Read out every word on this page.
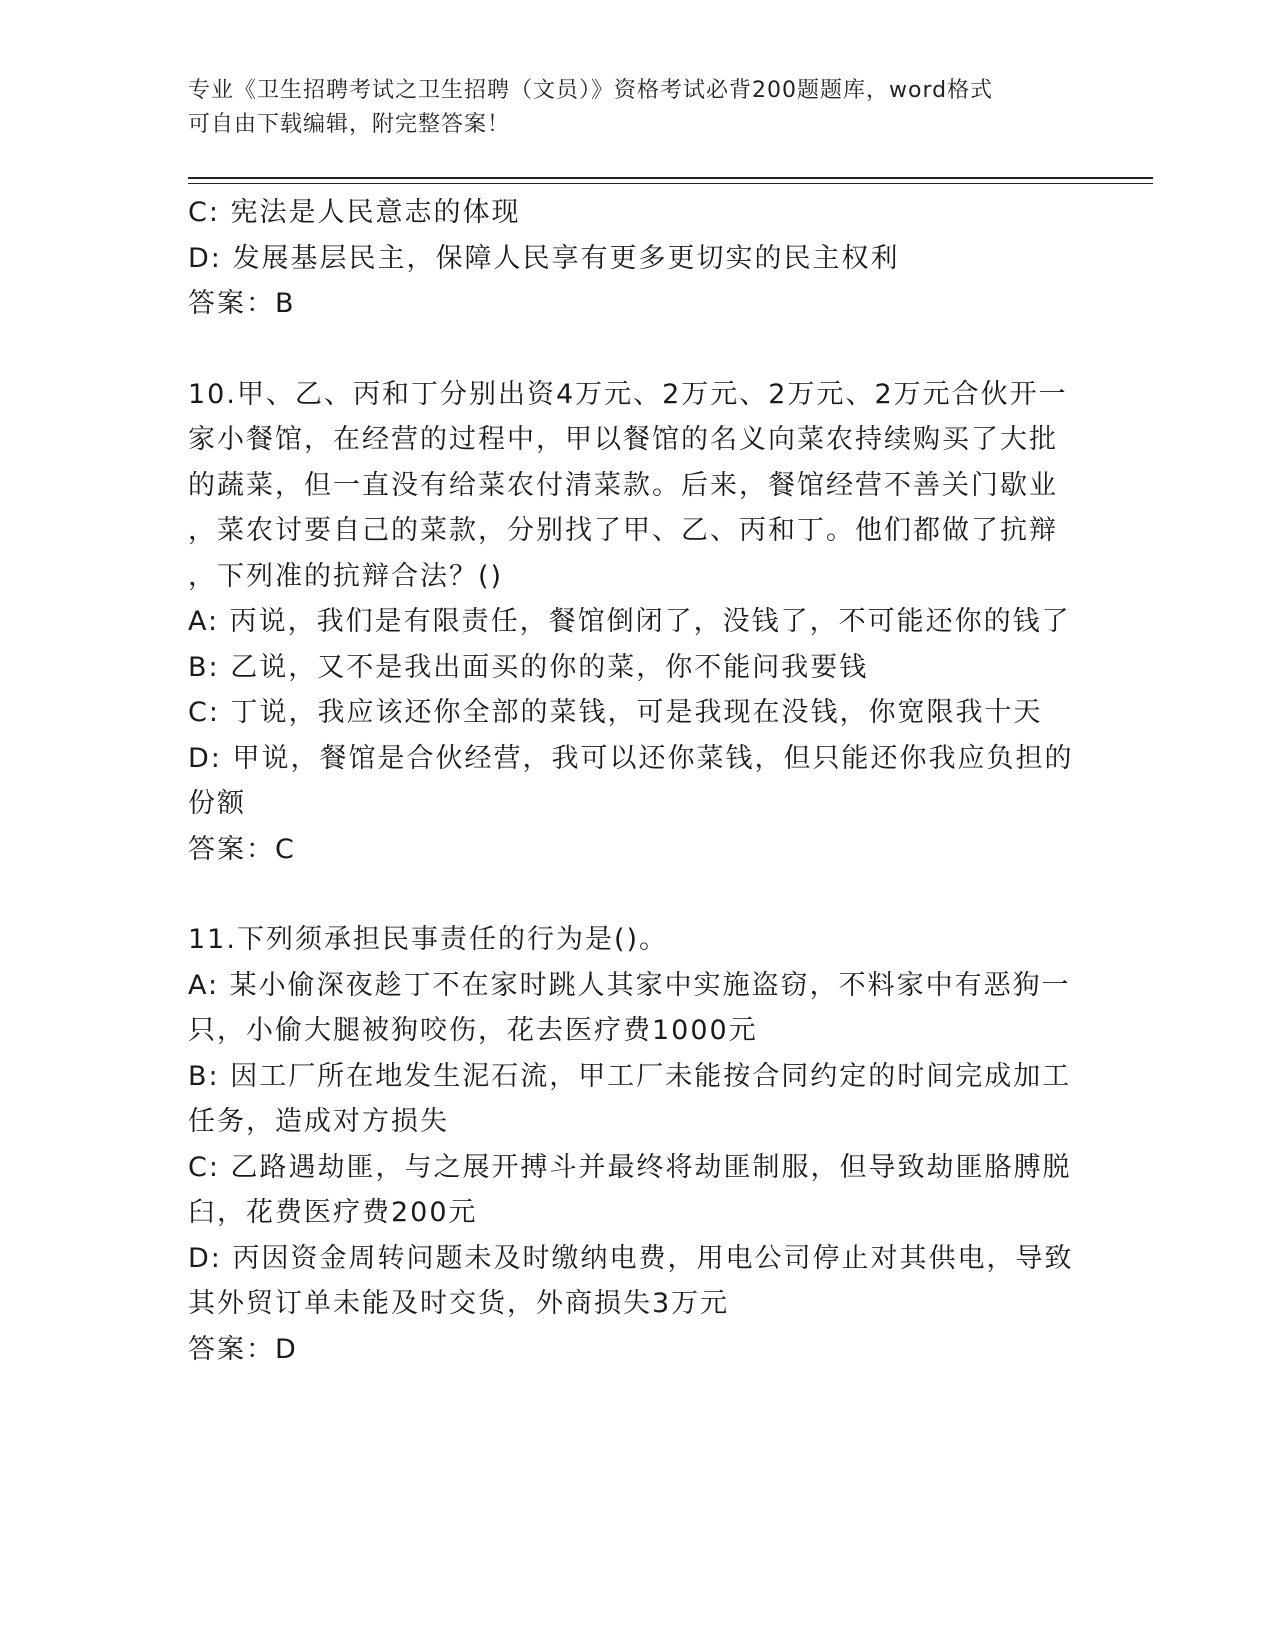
专业《卫生招聘考试之卫生招聘（文员）》资格考试必背200题题库，word格式
可自由下载编辑，附完整答案！
C: 宪法是人民意志的体现
D: 发展基层民主，保障人民享有更多更切实的民主权利
答案：B
10.甲、乙、丙和丁分别出资4万元、2万元、2万元、2万元合伙开一
家小餐馆，在经营的过程中，甲以餐馆的名义向菜农持续购买了大批
的蔬菜，但一直没有给菜农付清菜款。后来，餐馆经营不善关门歇业
，菜农讨要自己的菜款，分别找了甲、乙、丙和丁。他们都做了抗辩
，下列准的抗辩合法？()
A: 丙说，我们是有限责任，餐馆倒闭了，没钱了，不可能还你的钱了
B: 乙说，又不是我出面买的你的菜，你不能问我要钱
C: 丁说，我应该还你全部的菜钱，可是我现在没钱，你宽限我十天
D: 甲说，餐馆是合伙经营，我可以还你菜钱，但只能还你我应负担的
份额
答案：C
11.下列须承担民事责任的行为是()。
A: 某小偷深夜趁丁不在家时跳人其家中实施盗窃，不料家中有恶狗一
只，小偷大腿被狗咬伤，花去医疗费1000元
B: 因工厂所在地发生泥石流，甲工厂未能按合同约定的时间完成加工
任务，造成对方损失
C: 乙路遇劫匪，与之展开搏斗并最终将劫匪制服，但导致劫匪胳膊脱
臼，花费医疗费200元
D: 丙因资金周转问题未及时缴纳电费，用电公司停止对其供电，导致
其外贸订单未能及时交货，外商损失3万元
答案：D
